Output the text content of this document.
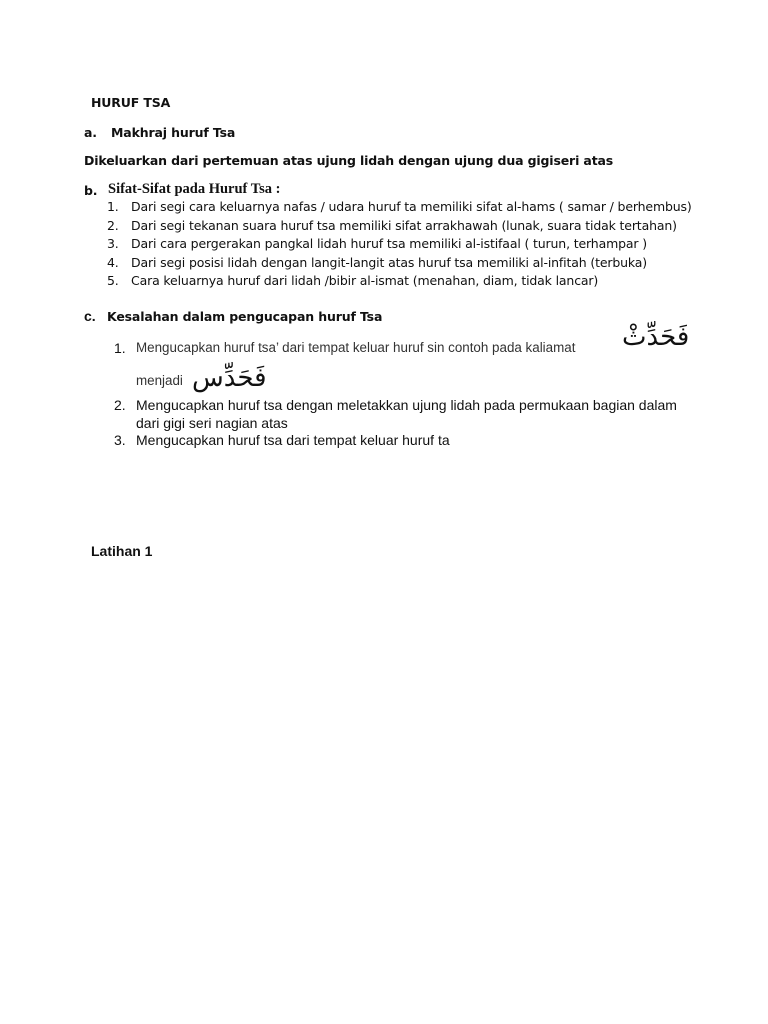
HURUF TSA
a. Makhraj huruf Tsa
Dikeluarkan dari pertemuan atas ujung lidah dengan ujung dua gigiseri atas
b. Sifat-Sifat pada Huruf Tsa :
1. Dari segi cara keluarnya nafas / udara huruf ta memiliki sifat al-hams ( samar / berhembus)
2. Dari segi tekanan suara huruf tsa memiliki sifat arrakhawah (lunak, suara tidak tertahan)
3. Dari cara pergerakan pangkal lidah huruf tsa memiliki al-istifaal ( turun, terhampar )
4. Dari segi posisi lidah dengan langit-langit atas huruf tsa memiliki al-infitah (terbuka)
5. Cara keluarnya huruf dari lidah /bibir al-ismat (menahan, diam, tidak lancar)
c. Kesalahan dalam pengucapan huruf Tsa
1. Mengucapkan huruf tsa’ dari tempat keluar huruf sin contoh pada kaliamat فَحَدِّثْ
menjadi فَحَدِّس
2. Mengucapkan huruf tsa dengan meletakkan ujung lidah pada permukaan bagian dalam
dari gigi seri nagian atas
3. Mengucapkan huruf tsa dari tempat keluar huruf ta
Latihan 1
